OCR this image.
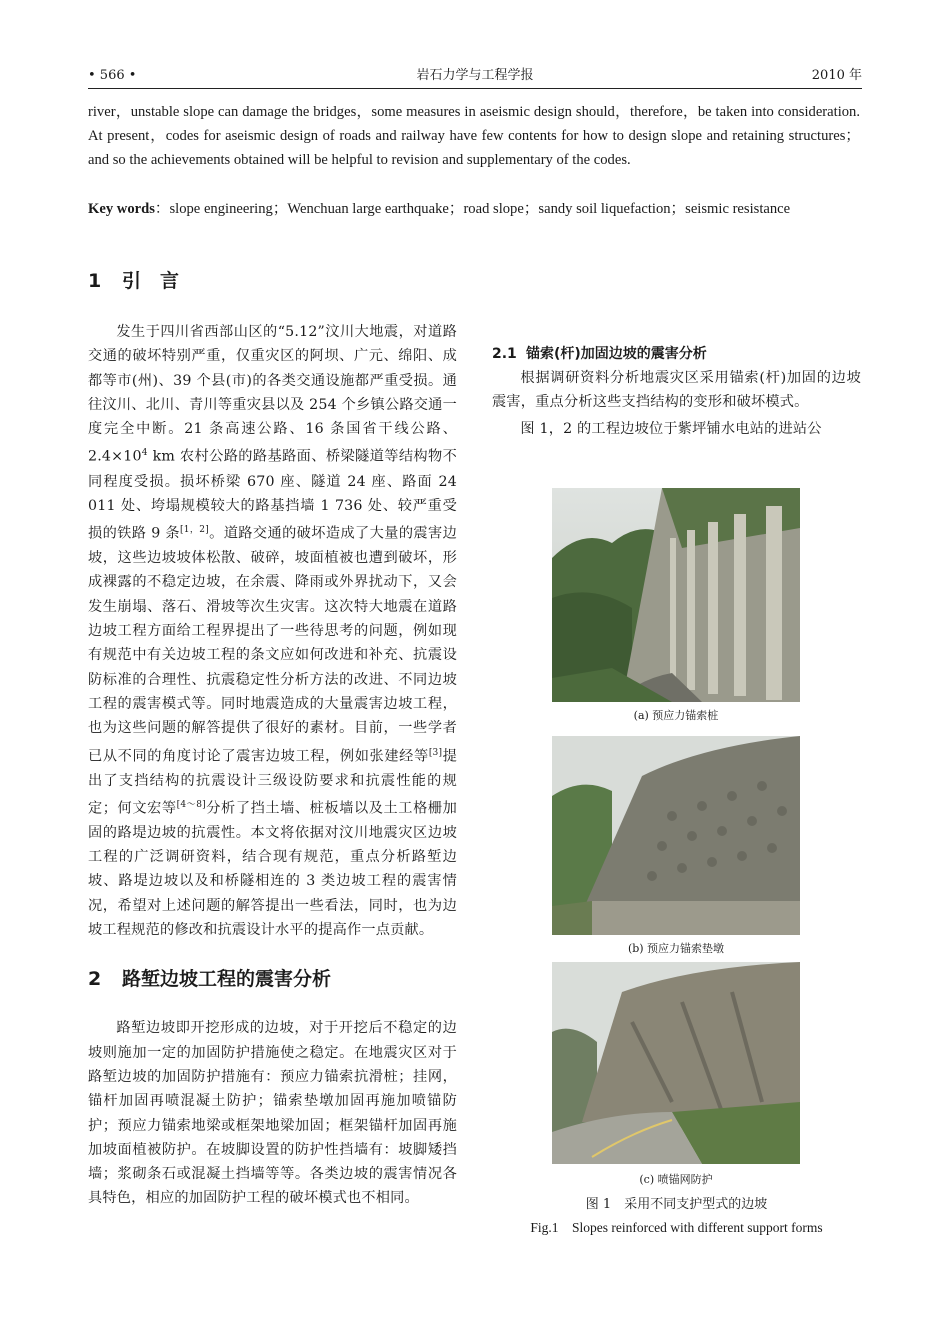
• 566 •	岩石力学与工程学报	2010 年

river，unstable slope can damage the bridges，some measures in aseismic design should，therefore，be taken into consideration. At present，codes for aseismic design of roads and railway have few contents for how to design slope and retaining structures；and so the achievements obtained will be helpful to revision and supplementary of the codes.

Key words：slope engineering；Wenchuan large earthquake；road slope；sandy soil liquefaction；seismic resistance

1 引　言

发生于四川省西部山区的“5.12”汶川大地震，对道路交通的破坏特别严重，仅重灾区的阿坝、广元、绵阳、成都等市(州)、39 个县(市)的各类交通设施都严重受损。通往汶川、北川、青川等重灾县以及 254 个乡镇公路交通一度完全中断。21 条高速公路、16 条国省干线公路、$2.4\times 10^4$ km 农村公路的路基路面、桥梁隧道等结构物不同程度受损。损坏桥梁 670 座、隧道 24 座、路面 24 011 处、垮塌规模较大的路基挡墙 1 736 处、较严重受损的铁路 9 条[1，2]。道路交通的破坏造成了大量的震害边坡，这些边坡坡体松散、破碎，坡面植被也遭到破坏，形成裸露的不稳定边坡，在余震、降雨或外界扰动下，又会发生崩塌、落石、滑坡等次生灾害。这次特大地震在道路边坡工程方面给工程界提出了一些待思考的问题，例如现有规范中有关边坡工程的条文应如何改进和补充、抗震设防标准的合理性、抗震稳定性分析方法的改进、不同边坡工程的震害模式等。同时地震造成的大量震害边坡工程，也为这些问题的解答提供了很好的素材。目前，一些学者已从不同的角度讨论了震害边坡工程，例如张建经等[3]提出了支挡结构的抗震设计三级设防要求和抗震性能的规定；何文宏等[4～8]分析了挡土墙、桩板墙以及土工格栅加固的路堤边坡的抗震性。本文将依据对汶川地震灾区边坡工程的广泛调研资料，结合现有规范，重点分析路堑边坡、路堤边坡以及和桥隧相连的 3 类边坡工程的震害情况，希望对上述问题的解答提出一些看法，同时，也为边坡工程规范的修改和抗震设计水平的提高作一点贡献。

2 路堑边坡工程的震害分析

路堑边坡即开挖形成的边坡，对于开挖后不稳定的边坡则施加一定的加固防护措施使之稳定。在地震灾区对于路堑边坡的加固防护措施有：预应力锚索抗滑桩；挂网，锚杆加固再喷混凝土防护；锚索垫墩加固再施加喷锚防护；预应力锚索地梁或框架地梁加固；框架锚杆加固再施加坡面植被防护。在坡脚设置的防护性挡墙有：坡脚矮挡墙；浆砌条石或混凝土挡墙等等。各类边坡的震害情况各具特色，相应的加固防护工程的破坏模式也不相同。

2.1 锚索(杆)加固边坡的震害分析

根据调研资料分析地震灾区采用锚索(杆)加固的边坡震害，重点分析这些支挡结构的变形和破坏模式。

图 1，2 的工程边坡位于紫坪铺水电站的进站公

(a) 预应力锚索桩
(b) 预应力锚索垫墩
(c) 喷锚网防护
图 1　采用不同支护型式的边坡
Fig.1　Slopes reinforced with different support forms
